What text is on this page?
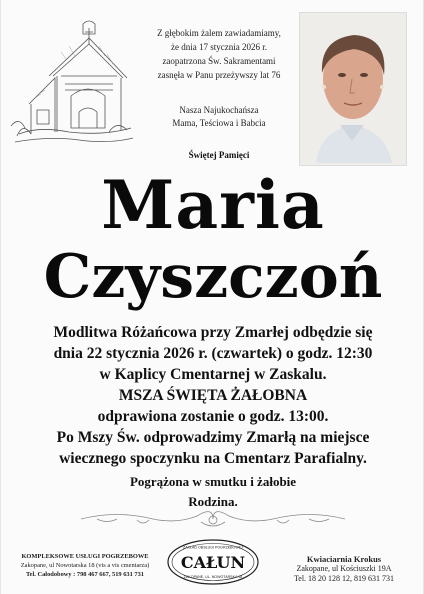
Z głębokim żalem zawiadamiamy,
że dnia 17 stycznia 2026 r.
zaopatrzona Św. Sakramentami
zasnęła w Panu przeżywszy lat 76
Nasza Najukochańsza
Mama, Teściowa i Babcia
Świętej Pamięci
Maria
Czyszczoń
Modlitwa Różańcowa przy Zmarłej odbędzie się
dnia 22 stycznia 2026 r. (czwartek) o godz. 12:30
w Kaplicy Cmentarnej w Zaskalu.
MSZA ŚWIĘTA ŻAŁOBNA
odprawiona zostanie o godz. 13:00.
Po Mszy Św. odprowadzimy Zmarłą na miejsce
wiecznego spoczynku na Cmentarz Parafialny.
Pogrążona w smutku i żałobie
Rodzina.
KOMPLEKSOWE USŁUGI POGRZEBOWE
Zakopane, ul Nowotarska 18 (vis a vis cmentarza)
Tel. Całodobowy : 798 467 667, 519 631 731
ZAKŁAD OBSŁUGI POGRZEBOWEJ
CAŁUN
ZAKOPANE, UL. NOWOTARSKA 18
Kwiaciarnia Krokus
Zakopane, ul Kościuszki 19A
Tel. 18 20 128 12, 819 631 731
